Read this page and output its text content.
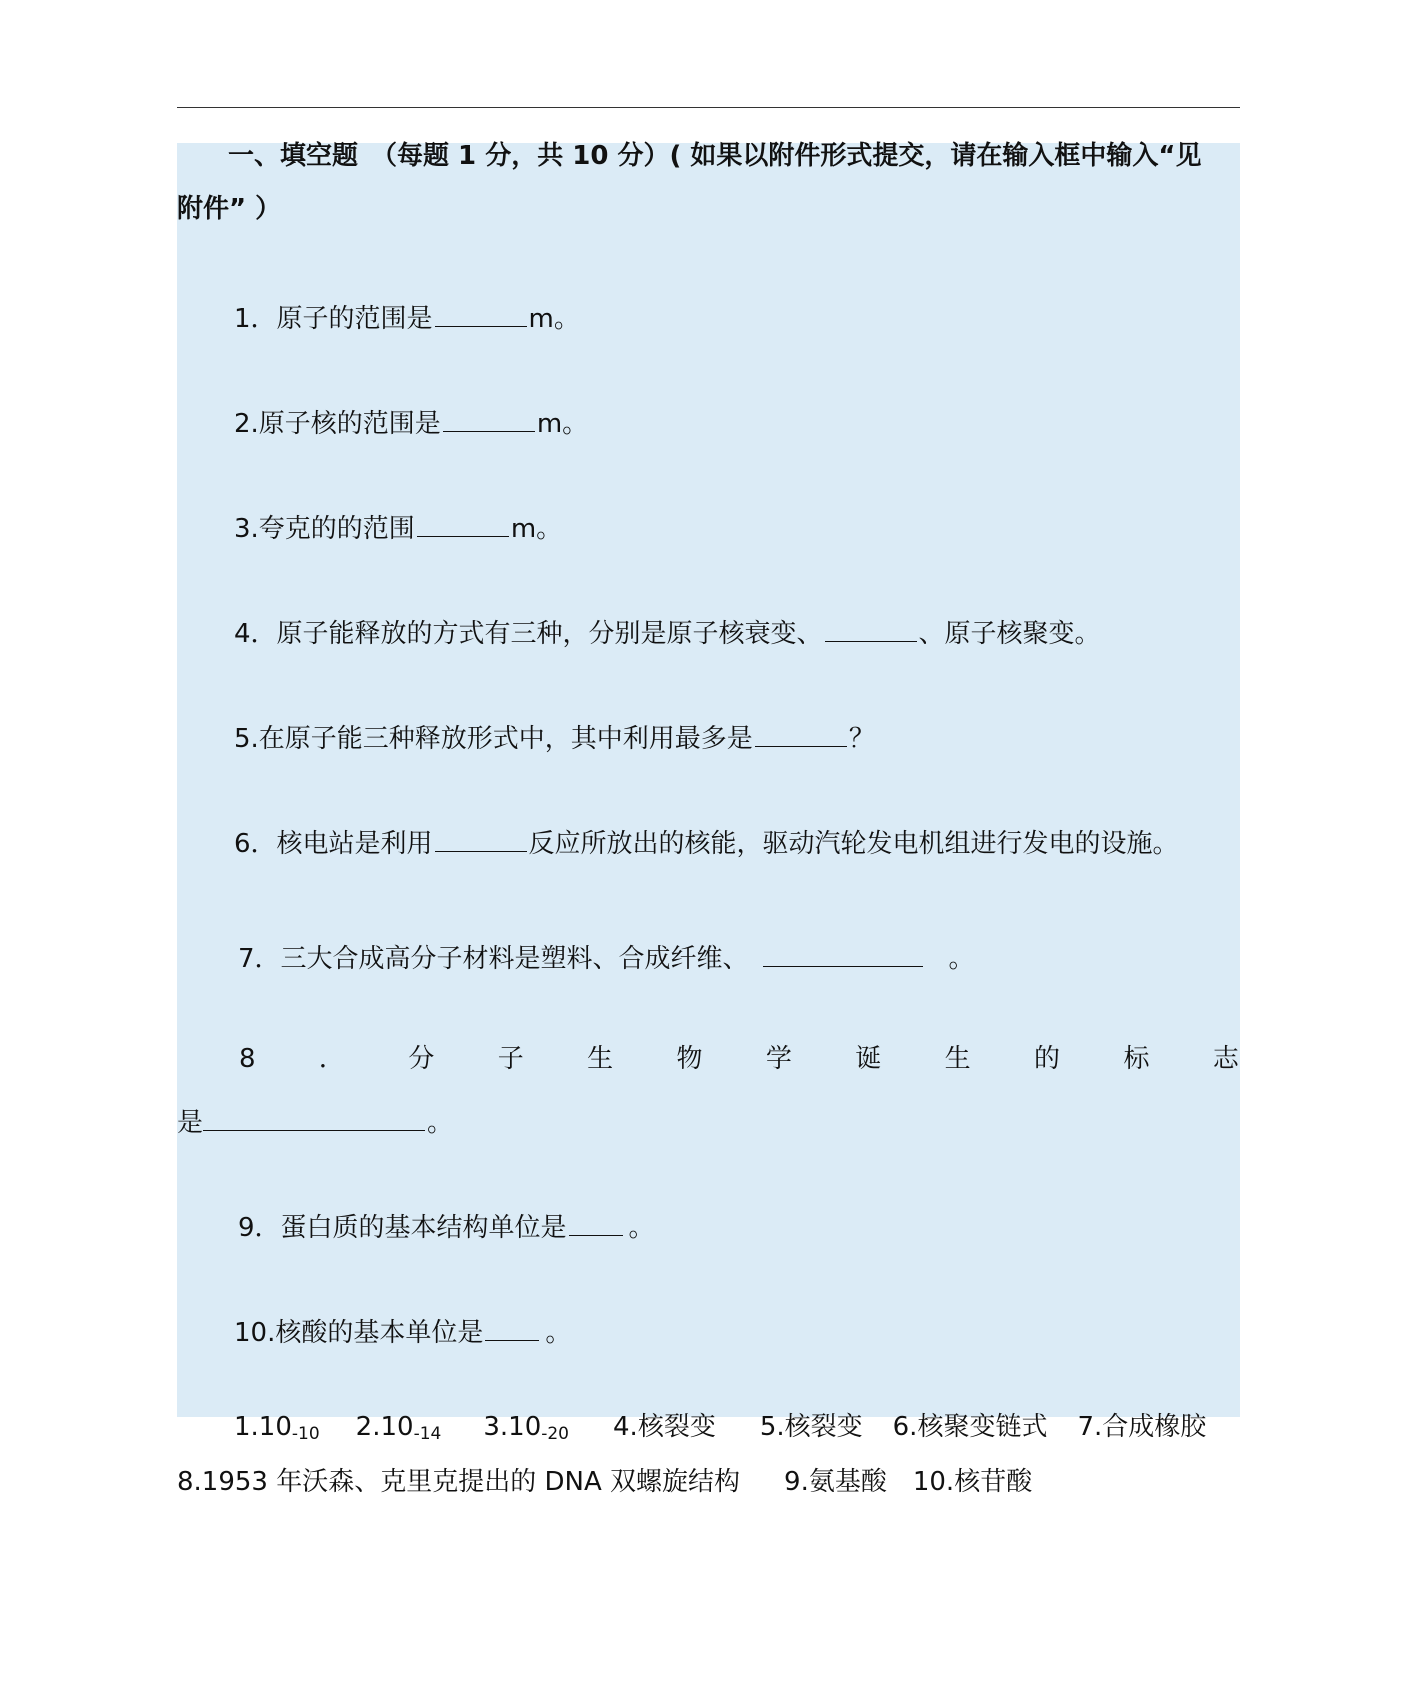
一、填空题　（每题 1 分，共 10 分）( 如果以附件形式提交，请在输入框中输入“见
附件” ）
1．原子的范围是	m。
2.原子核的范围是	m。
3.夸克的的范围	m。
4．原子能释放的方式有三种，分别是原子核衰变、	、原子核聚变。
5.在原子能三种释放形式中，其中利用最多是	？
6．核电站是利用	反应所放出的核能，驱动汽轮发电机组进行发电的设施。
7．三大合成高分子材料是塑料、合成纤维、	。
8 ． 分 子 生 物 学 诞 生 的 标 志
是	。
9．蛋白质的基本结构单位是 。
10.核酸的基本单位是 。
$1.10_{-10}$ $2.10_{-14}$ $3.10_{-20}$ 4.核裂变 5.核裂变 6.核聚变链式 7.合成橡胶
8.1953 年沃森、克里克提出的 DNA 双螺旋结构 9.氨基酸 10.核苷酸
